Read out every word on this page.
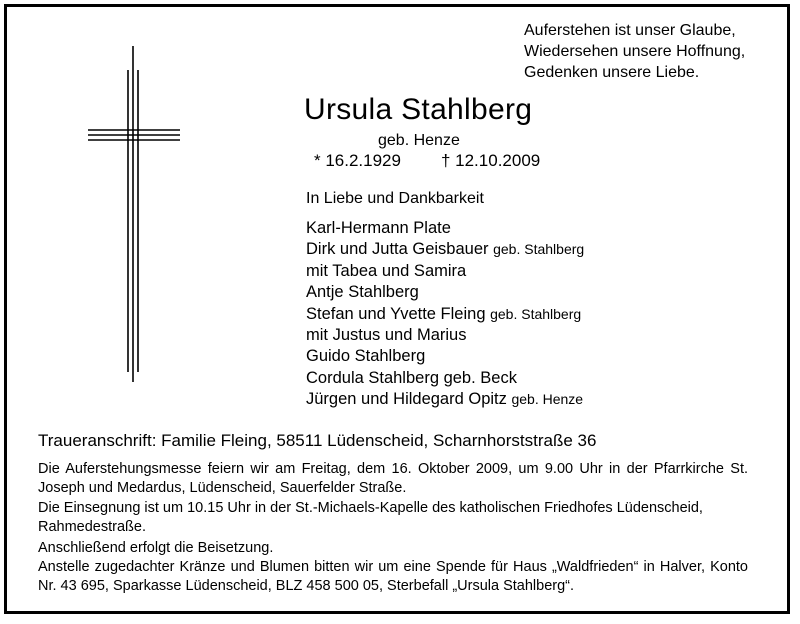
Auferstehen ist unser Glaube,
Wiedersehen unsere Hoffnung,
Gedenken unsere Liebe.
Ursula Stahlberg
geb. Henze
* 16.2.1929 † 12.10.2009
In Liebe und Dankbarkeit
Karl-Hermann Plate
Dirk und Jutta Geisbauer geb. Stahlberg
mit Tabea und Samira
Antje Stahlberg
Stefan und Yvette Fleing geb. Stahlberg
mit Justus und Marius
Guido Stahlberg
Cordula Stahlberg geb. Beck
Jürgen und Hildegard Opitz geb. Henze
Traueranschrift: Familie Fleing, 58511 Lüdenscheid, Scharnhorststraße 36
Die Auferstehungsmesse feiern wir am Freitag, dem 16. Oktober 2009, um 9.00 Uhr in der Pfarrkirche St. Joseph und Medardus, Lüdenscheid, Sauerfelder Straße.
Die Einsegnung ist um 10.15 Uhr in der St.-Michaels-Kapelle des katholischen Friedhofes Lüdenscheid, Rahmedestraße.
Anschließend erfolgt die Beisetzung.
Anstelle zugedachter Kränze und Blumen bitten wir um eine Spende für Haus „Waldfrieden“ in Halver, Konto Nr. 43 695, Sparkasse Lüdenscheid, BLZ 458 500 05, Sterbefall „Ursula Stahlberg“.
